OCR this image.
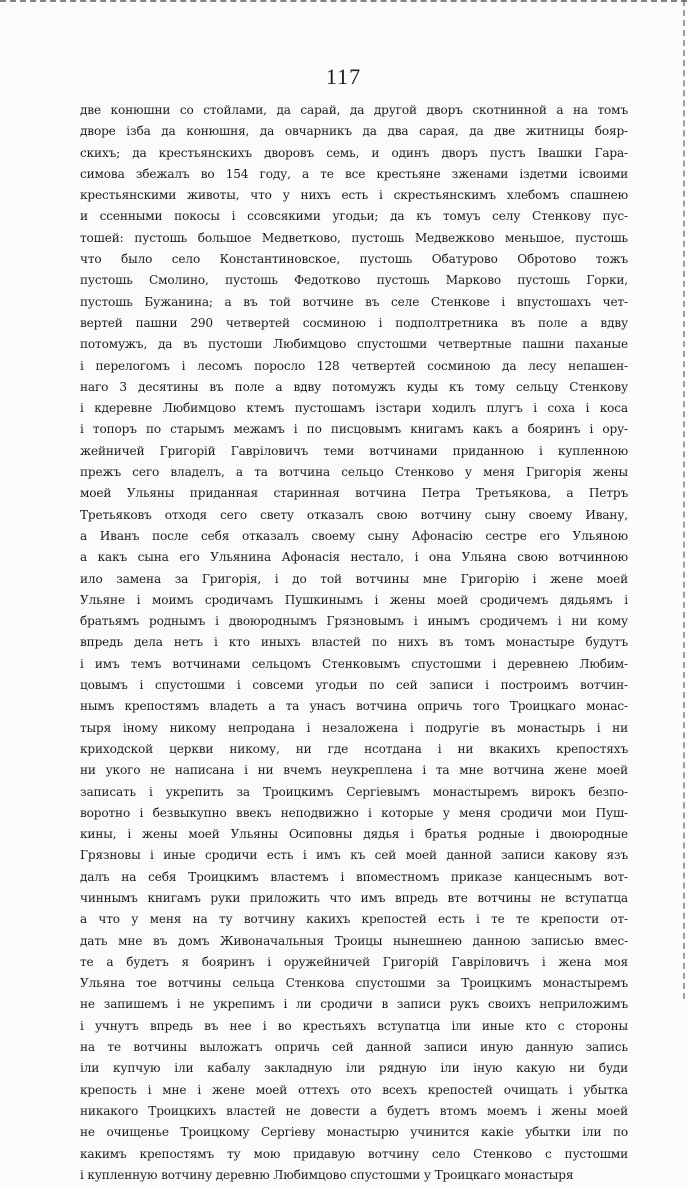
117
две конюшни со стойлами, да сарай, да другой дворъ скотнинной а на томъ
дворе iзба да конюшня, да овчарникъ да два сарая, да две житницы бояр-
скихъ; да крестьянскихъ дворовъ семь, и одинъ дворъ пустъ Івашки Гара-
симова збежалъ во 154 году, а те все крестьяне зженами iздетми iсвоими
крестьянскими животы, что у нихъ есть i скрестьянскимъ хлебомъ спашнею
и ссенными покосы i ссовсякими угодьи; да къ томуъ селу Стенкову пус-
тошей: пустошь большое Медветково, пустошь Медвежково меньшое, пустошь
что было село Константиновское, пустошь Обатурово Обротово тожъ
пустошь Смолино, пустошь Федотково пустошь Марково пустошь Горки,
пустошь Бужанина; а въ той вотчине въ селе Стенкове i впустошахъ чет-
вертей пашни 290 четвертей cосминою i подполтретникa въ поле а вдву
потомужъ, да въ пустоши Любимцово спустошми четвертные пашни паханые
i перелогомъ i лесомъ поросло 128 четвертей сосминою да лесу непашен-
наго 3 десятины въ поле а вдву потомужъ куды къ тому сельцу Стенкову
i кдеревне Любимцово ктемъ пустошамъ iзстари ходилъ плугъ i соха i коса
i топоръ по старымъ межамъ i по писцовымъ книгамъ какъ а бояринъ i oру-
жейничей Григорiй Гаврiловичъ теми вотчинами приданною i купленною
прежъ сего владелъ, а та вотчина сельцо Стенково у меня Григорiя жены
моей Ульяны приданная старинная вотчина Петра Третьякова, а Петръ
Третьяковъ отходя сего свету отказалъ свою вотчину сыну своему Ивану,
а Иванъ после себя отказалъ своему сыну Афонасiю сестре его Ульяною
а какъ сына его Ульянина Афонасiя нестало, i она Ульяна свою вотчинною
ило замена за Григорiя, i до той вотчины мне Григорiю i жене моей
Ульяне i моимъ сродичамъ Пушкинымъ i жены моей сродичемъ дядьямъ i
братьямъ роднымъ i двоюроднымъ Грязновымъ i инымъ сродичемъ i ни кому
впредь дела нетъ i кто иныхъ властей по нихъ въ томъ монастыре будутъ
i имъ темъ вотчинами сельцомъ Стенковымъ спустошми i деревнею Любим-
цовымъ i спустошми i совсеми угодьи по сей записи i построимъ вотчин-
нымъ крепостямъ владеть а та унасъ вотчина опричь того Троицкаго монас-
тыря iному никому непродана i незаложена i подругiе въ монастырь i ни
криходской церкви никому, ни где нсотдана i ни вкакихъ крепостяхъ
ни укого не написана i ни вчемъ неукреплена i та мне вотчина жене моей
записать i укрепить за Троицкимъ Сергiевымъ монастыремъ вирокъ безпо-
воротно i безвыкупно ввекъ неподвижно i которые у меня сродичи мои Пуш-
кины, i жены моей Ульяны Осиповны дядья i братья родные i двоюродные
Грязновы i иные сродичи есть i имъ къ сей моей данной записи какову язъ
далъ на себя Троицкимъ властемъ i впоместномъ приказе канцеснымъ вот-
чиннымъ книгамъ руки приложить что имъ впредь вте вотчины не вступатца
а что у меня на ту вотчину какихъ крепостей есть i те те крепости от-
дать мне въ домъ Живоначальныя Троицы нынешнею данною записью вмес-
те а будетъ я бояринъ i оружейничей Григорiй Гаврiловичъ i жена моя
Ульяна тое вотчины сельца Стенкова спустошми за Троицкимъ монастыремъ
не запишемъ i не укрепимъ i ли сродичи в записи рукъ своихъ неприложимъ
i учнутъ впредь въ нее i во крестьяхъ вступатца iли иные кто с стороны
на те вотчины выложатъ опричь сей данной записи иную данную запись
iли купчую iли кабалу закладную iли рядную iли iную какую ни буди
крепость i мне i жене моей оттехъ ото всехъ крепостей очищать i убытка
никакого Троицкихъ властей не довести а будетъ втомъ моемъ i жены моей
не очищенье Троицкому Сергiеву монастырю учинится какiе убытки iли по
какимъ крепостямъ ту мою придавую вотчину село Стенково с пустошми
i купленную вотчину деревню Любимцово спустошми у Троицкаго монастыря
